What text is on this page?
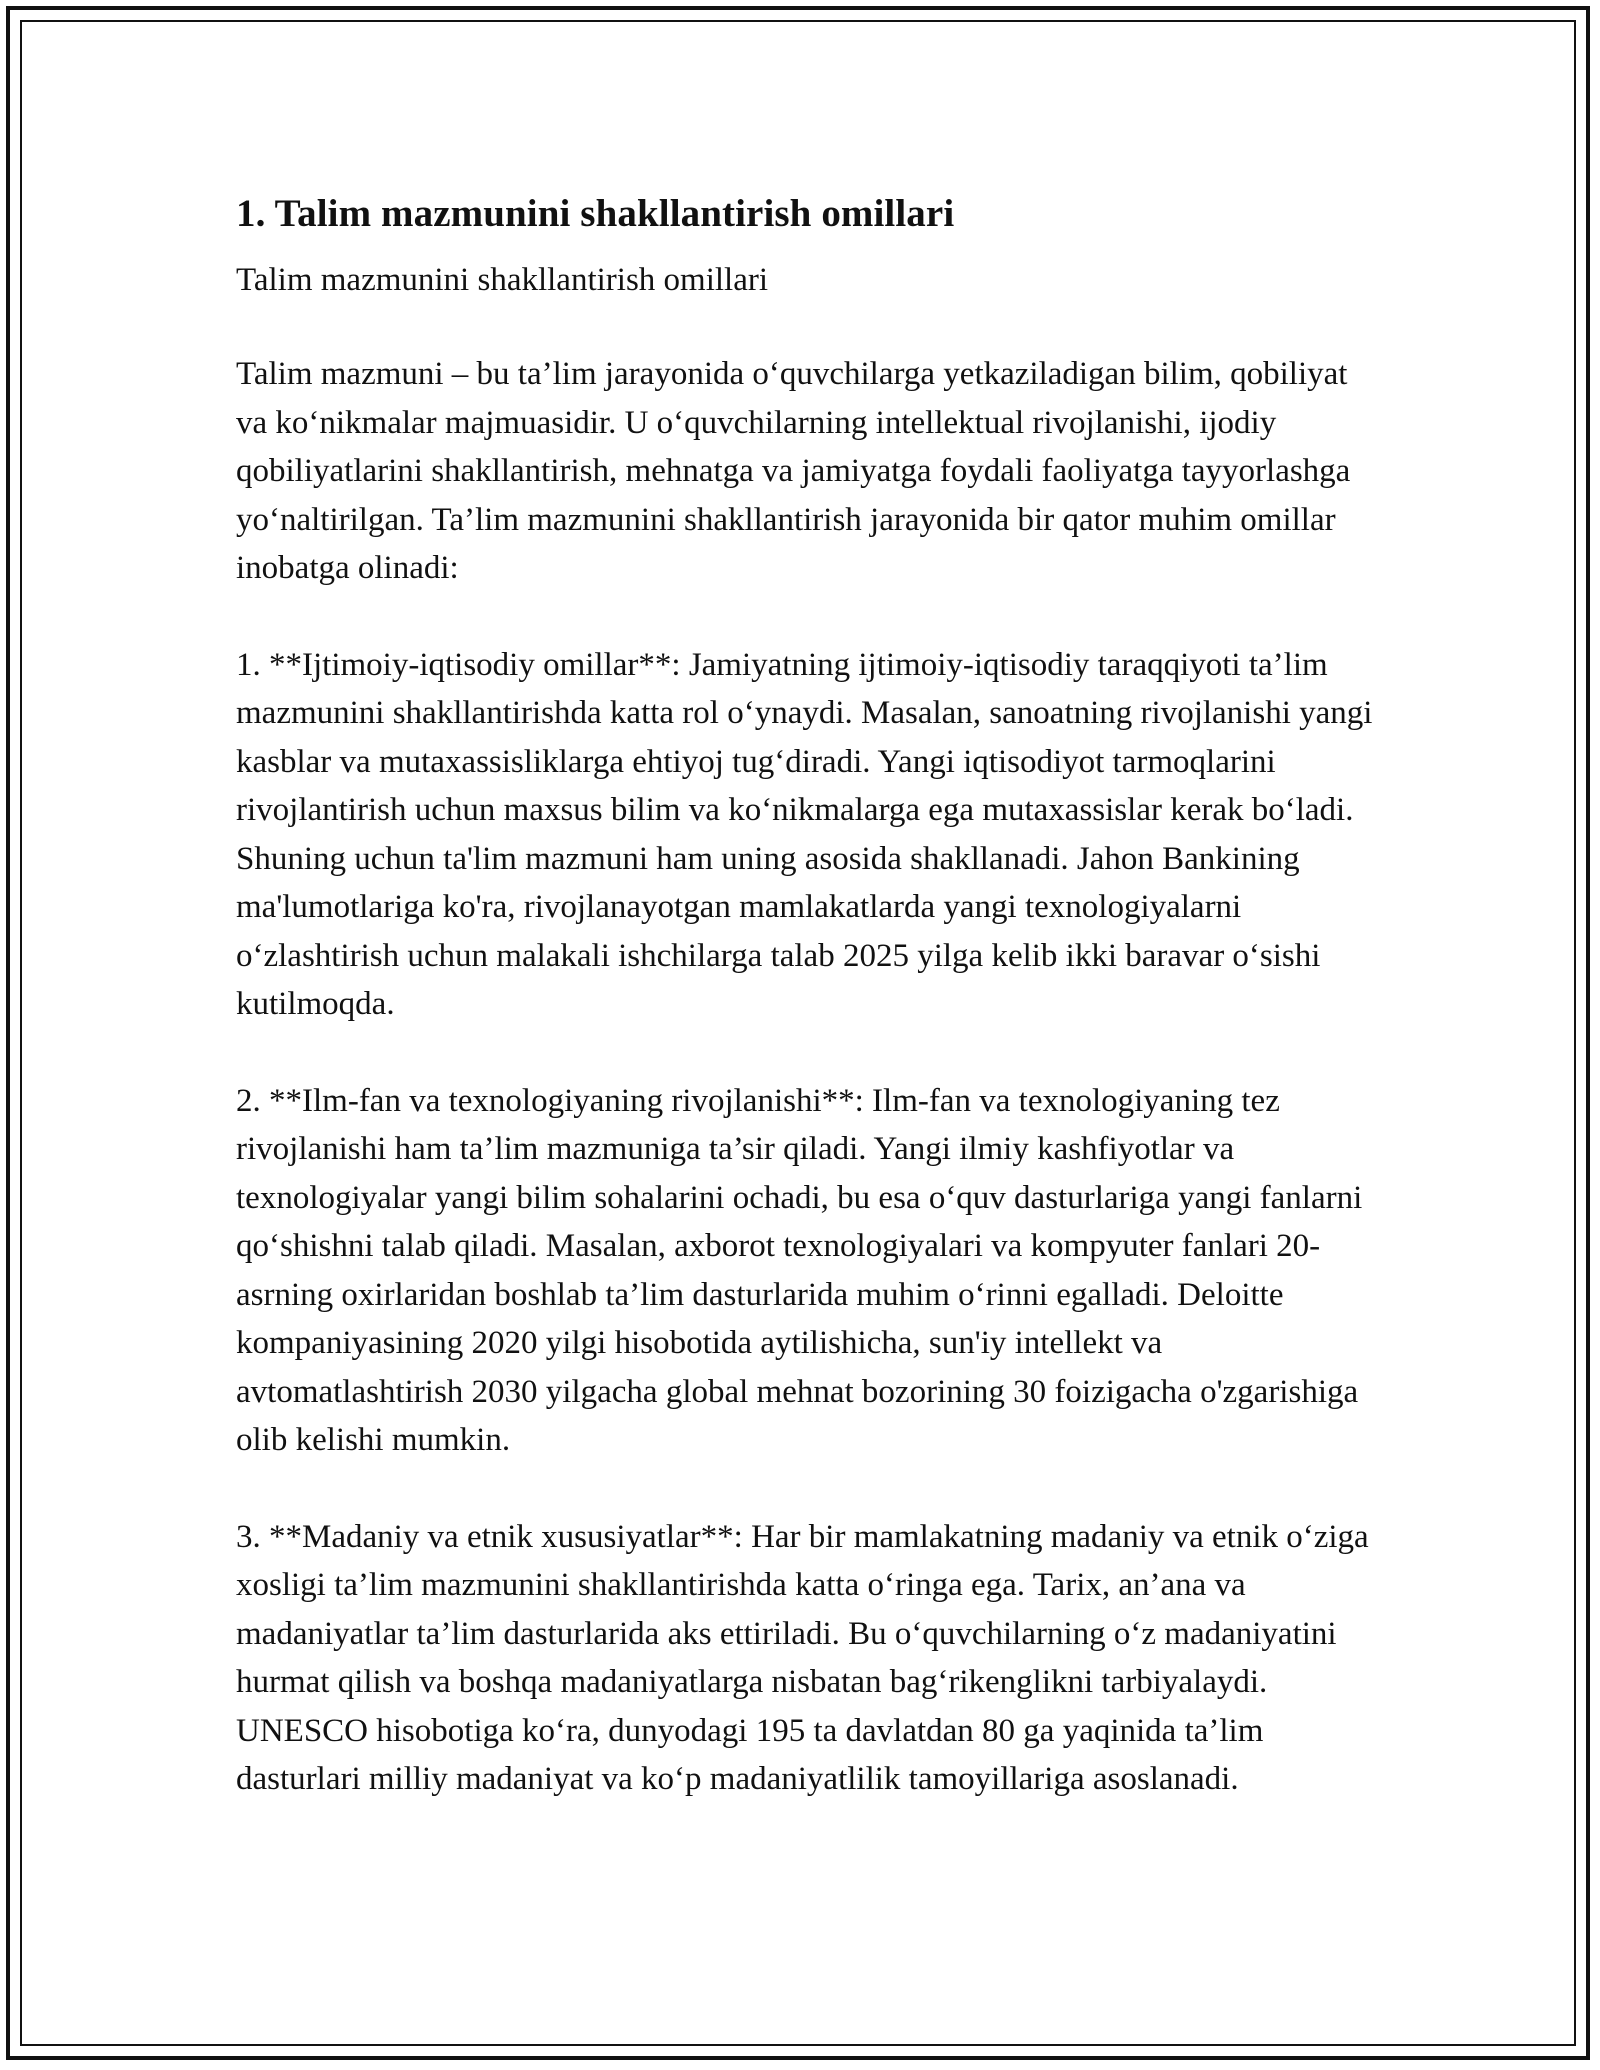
1. Talim mazmunini shakllantirish omillari

Talim mazmunini shakllantirish omillari

Talim mazmuni – bu ta’lim jarayonida o‘quvchilarga yetkaziladigan bilim, qobiliyat va ko‘nikmalar majmuasidir. U o‘quvchilarning intellektual rivojlanishi, ijodiy qobiliyatlarini shakllantirish, mehnatga va jamiyatga foydali faoliyatga tayyorlashga yo‘naltirilgan. Ta’lim mazmunini shakllantirish jarayonida bir qator muhim omillar inobatga olinadi:

1. **Ijtimoiy-iqtisodiy omillar**: Jamiyatning ijtimoiy-iqtisodiy taraqqiyoti ta’lim mazmunini shakllantirishda katta rol o‘ynaydi. Masalan, sanoatning rivojlanishi yangi kasblar va mutaxassisliklarga ehtiyoj tug‘diradi. Yangi iqtisodiyot tarmoqlarini rivojlantirish uchun maxsus bilim va ko‘nikmalarga ega mutaxassislar kerak bo‘ladi. Shuning uchun ta'lim mazmuni ham uning asosida shakllanadi. Jahon Bankining ma'lumotlariga ko'ra, rivojlanayotgan mamlakatlarda yangi texnologiyalarni o‘zlashtirish uchun malakali ishchilarga talab 2025 yilga kelib ikki baravar o‘sishi kutilmoqda.

2. **Ilm-fan va texnologiyaning rivojlanishi**: Ilm-fan va texnologiyaning tez rivojlanishi ham ta’lim mazmuniga ta’sir qiladi. Yangi ilmiy kashfiyotlar va texnologiyalar yangi bilim sohalarini ochadi, bu esa o‘quv dasturlariga yangi fanlarni qo‘shishni talab qiladi. Masalan, axborot texnologiyalari va kompyuter fanlari 20-asrning oxirlaridan boshlab ta’lim dasturlarida muhim o‘rinni egalladi. Deloitte kompaniyasining 2020 yilgi hisobotida aytilishicha, sun'iy intellekt va avtomatlashtirish 2030 yilgacha global mehnat bozorining 30 foizigacha o'zgarishiga olib kelishi mumkin.

3. **Madaniy va etnik xususiyatlar**: Har bir mamlakatning madaniy va etnik o‘ziga xosligi ta’lim mazmunini shakllantirishda katta o‘ringa ega. Tarix, an’ana va madaniyatlar ta’lim dasturlarida aks ettiriladi. Bu o‘quvchilarning o‘z madaniyatini hurmat qilish va boshqa madaniyatlarga nisbatan bag‘rikenglikni tarbiyalaydi. UNESCO hisobotiga ko‘ra, dunyodagi 195 ta davlatdan 80 ga yaqinida ta’lim dasturlari milliy madaniyat va ko‘p madaniyatlilik tamoyillariga asoslanadi.
